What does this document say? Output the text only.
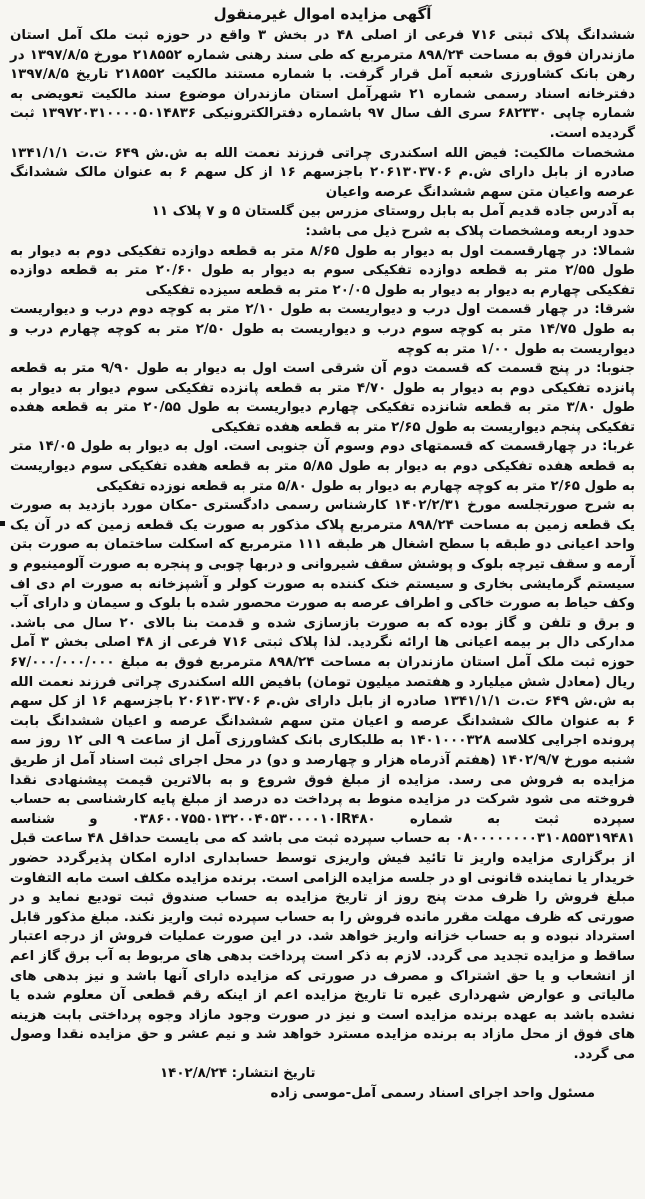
آگهی مزایده اموال غیرمنقول

ششدانگ پلاک ثبتی ۷۱۶ فرعی از اصلی ۴۸ در بخش ۳ واقع در حوزه ثبت ملک آمل استان مازندران فوق به مساحت ۸۹۸/۲۴ مترمربع که طی سند رهنی شماره ۲۱۸۵۵۲ مورخ ۱۳۹۷/۸/۵ در رهن بانک کشاورزی شعبه آمل قرار گرفت. با شماره مستند مالکیت ۲۱۸۵۵۲ تاریخ ۱۳۹۷/۸/۵ دفترخانه اسناد رسمی شماره ۲۱ شهرآمل استان مازندران موضوع سند مالکیت تعویضی به شماره چاپی ۶۸۲۳۳۰ سری الف سال ۹۷ باشماره دفترالکترونیکی ۱۳۹۷۲۰۳۱۰۰۰۰۵۰۱۴۸۳۶ ثبت گردیده است.

مشخصات مالکیت: فیض الله اسکندری چراتی فرزند نعمت الله به ش.ش ۶۴۹ ت.ت ۱۳۴۱/۱/۱ صادره از بابل دارای ش.م ۲۰۶۱۳۰۳۷۰۶ باجزسهم ۱۶ از کل سهم ۶ به عنوان مالک ششدانگ عرصه واعیان متن سهم ششدانگ عرصه واعیان

به آدرس جاده قدیم آمل به بابل روستای مزرس بین گلستان ۵ و ۷ پلاک ۱۱

حدود اربعه ومشخصات پلاک به شرح ذیل می باشد:

شمالا: در چهارقسمت اول به دیوار به طول ۸/۶۵ متر به قطعه دوازده تفکیکی دوم به دیوار به طول ۲/۵۵ متر به قطعه دوازده تفکیکی سوم به دیوار به طول ۲۰/۶۰ متر به قطعه دوازده تفکیکی چهارم به دیوار به دیوار به طول ۲۰/۰۵ متر به قطعه سیزده تفکیکی

شرقا: در چهار قسمت اول درب و دیواریست به طول ۲/۱۰ متر به کوچه دوم درب و دیواریست به طول ۱۴/۷۵ متر به کوچه سوم درب و دیواریست به طول ۲/۵۰ متر به کوچه چهارم درب و دیواریست به طول ۱/۰۰ متر به کوچه

جنوبا: در پنج قسمت که قسمت دوم آن شرقی است اول به دیوار به طول ۹/۹۰ متر به قطعه پانزده تفکیکی دوم به دیوار به طول ۴/۷۰ متر به قطعه پانزده تفکیکی سوم دیوار به دیوار به طول ۳/۸۰ متر به قطعه شانزده تفکیکی چهارم دیواریست به طول ۲۰/۵۵ متر به قطعه هفده تفکیکی پنجم دیواریست به طول ۲/۶۵ متر به قطعه هفده تفکیکی

غربا: در چهارقسمت که قسمتهای دوم وسوم آن جنوبی است. اول به دیوار به طول ۱۴/۰۵ متر به قطعه هفده تفکیکی دوم به دیوار به طول ۵/۸۵ متر به قطعه هفده تفکیکی سوم دیواریست به طول ۲/۶۵ متر به کوچه چهارم به دیوار به طول ۵/۸۰ متر به قطعه نوزده تفکیکی

به شرح صورتجلسه مورخ ۱۴۰۲/۲/۳۱ کارشناس رسمی دادگستری -مکان مورد بازدید به صورت یک قطعه زمین به مساحت ۸۹۸/۲۴ مترمربع پلاک مذکور به صورت یک قطعه زمین که در آن یک واحد اعیانی دو طبقه با سطح اشغال هر طبقه ۱۱۱ مترمربع که اسکلت ساختمان به صورت بتن آرمه و سقف تیرچه بلوک و پوشش سقف شیروانی و دربها چوبی و پنجره به صورت آلومینیوم و سیستم گرمایشی بخاری و سیستم خنک کننده به صورت کولر و آشپزخانه به صورت ام دی اف وکف حیاط به صورت خاکی و اطراف عرصه به صورت محصور شده با بلوک و سیمان و دارای آب و برق و تلفن و گاز بوده که به صورت بازسازی شده و قدمت بنا بالای ۲۰ سال می باشد. مدارکی دال بر بیمه اعیانی ها ارائه نگردید. لذا پلاک ثبتی ۷۱۶ فرعی از ۴۸ اصلی بخش ۳ آمل حوزه ثبت ملک آمل استان مازندران به مساحت ۸۹۸/۲۴ مترمربع فوق به مبلغ ۶۷/۰۰۰/۰۰۰/۰۰۰ ریال (معادل شش میلیارد و هفتصد میلیون تومان) بافیض الله اسکندری چراتی فرزند نعمت الله به ش.ش ۶۴۹ ت.ت ۱۳۴۱/۱/۱ صادره از بابل دارای ش.م ۲۰۶۱۳۰۳۷۰۶ باجزسهم ۱۶ از کل سهم ۶ به عنوان مالک ششدانگ عرصه و اعیان متن سهم ششدانگ عرصه و اعیان ششدانگ بابت پرونده اجرایی کلاسه ۱۴۰۱۰۰۰۳۲۸ به طلبکاری بانک کشاورزی آمل از ساعت ۹ الی ۱۲ روز سه شنبه مورخ ۱۴۰۲/۹/۷ (هفتم آذرماه هزار و چهارصد و دو) در محل اجرای ثبت اسناد آمل از طریق مزایده به فروش می رسد. مزایده از مبلغ فوق شروع و به بالاترین قیمت پیشنهادی نقدا فروخته می شود شرکت در مزایده منوط به پرداخت ده درصد از مبلغ پایه کارشناسی به حساب سپرده ثبت به شماره ۰۳۸۶۰۰۷۵۵۰۱۳۲۰۰۴۰۵۳۰۰۰۰۱۰IR۴۸۰ و شناسه ۰۸۰۰۰۰۰۰۰۰۳۱۰۸۵۵۳۱۹۴۸۱ به حساب سپرده ثبت می باشد که می بایست حداقل ۴۸ ساعت قبل از برگزاری مزایده واریز تا تائید فیش واریزی توسط حسابداری اداره امکان پذیرگردد حضور خریدار یا نماینده قانونی او در جلسه مزایده الزامی است. برنده مزایده مکلف است مابه التفاوت مبلغ فروش را ظرف مدت پنج روز از تاریخ مزایده به حساب صندوق ثبت تودیع نماید و در صورتی که ظرف مهلت مقرر مانده فروش را به حساب سپرده ثبت واریز نکند. مبلغ مذکور قابل استرداد نبوده و به حساب خزانه واریز خواهد شد. در این صورت عملیات فروش از درجه اعتبار ساقط و مزایده تجدید می گردد. لازم به ذکر است پرداخت بدهی های مربوط به آب برق گاز اعم از انشعاب و یا حق اشتراک و مصرف در صورتی که مزایده دارای آنها باشد و نیز بدهی های مالیاتی و عوارض شهرداری غیره تا تاریخ مزایده اعم از اینکه رقم قطعی آن معلوم شده یا نشده باشد به عهده برنده مزایده است و نیز در صورت وجود مازاد وجوه پرداختی بابت هزینه های فوق از محل مازاد به برنده مزایده مسترد خواهد شد و نیم عشر و حق مزایده نقدا وصول می گردد.

تاریخ انتشار: ۱۴۰۲/۸/۲۴

مسئول واحد اجرای اسناد رسمی آمل-موسی زاده
